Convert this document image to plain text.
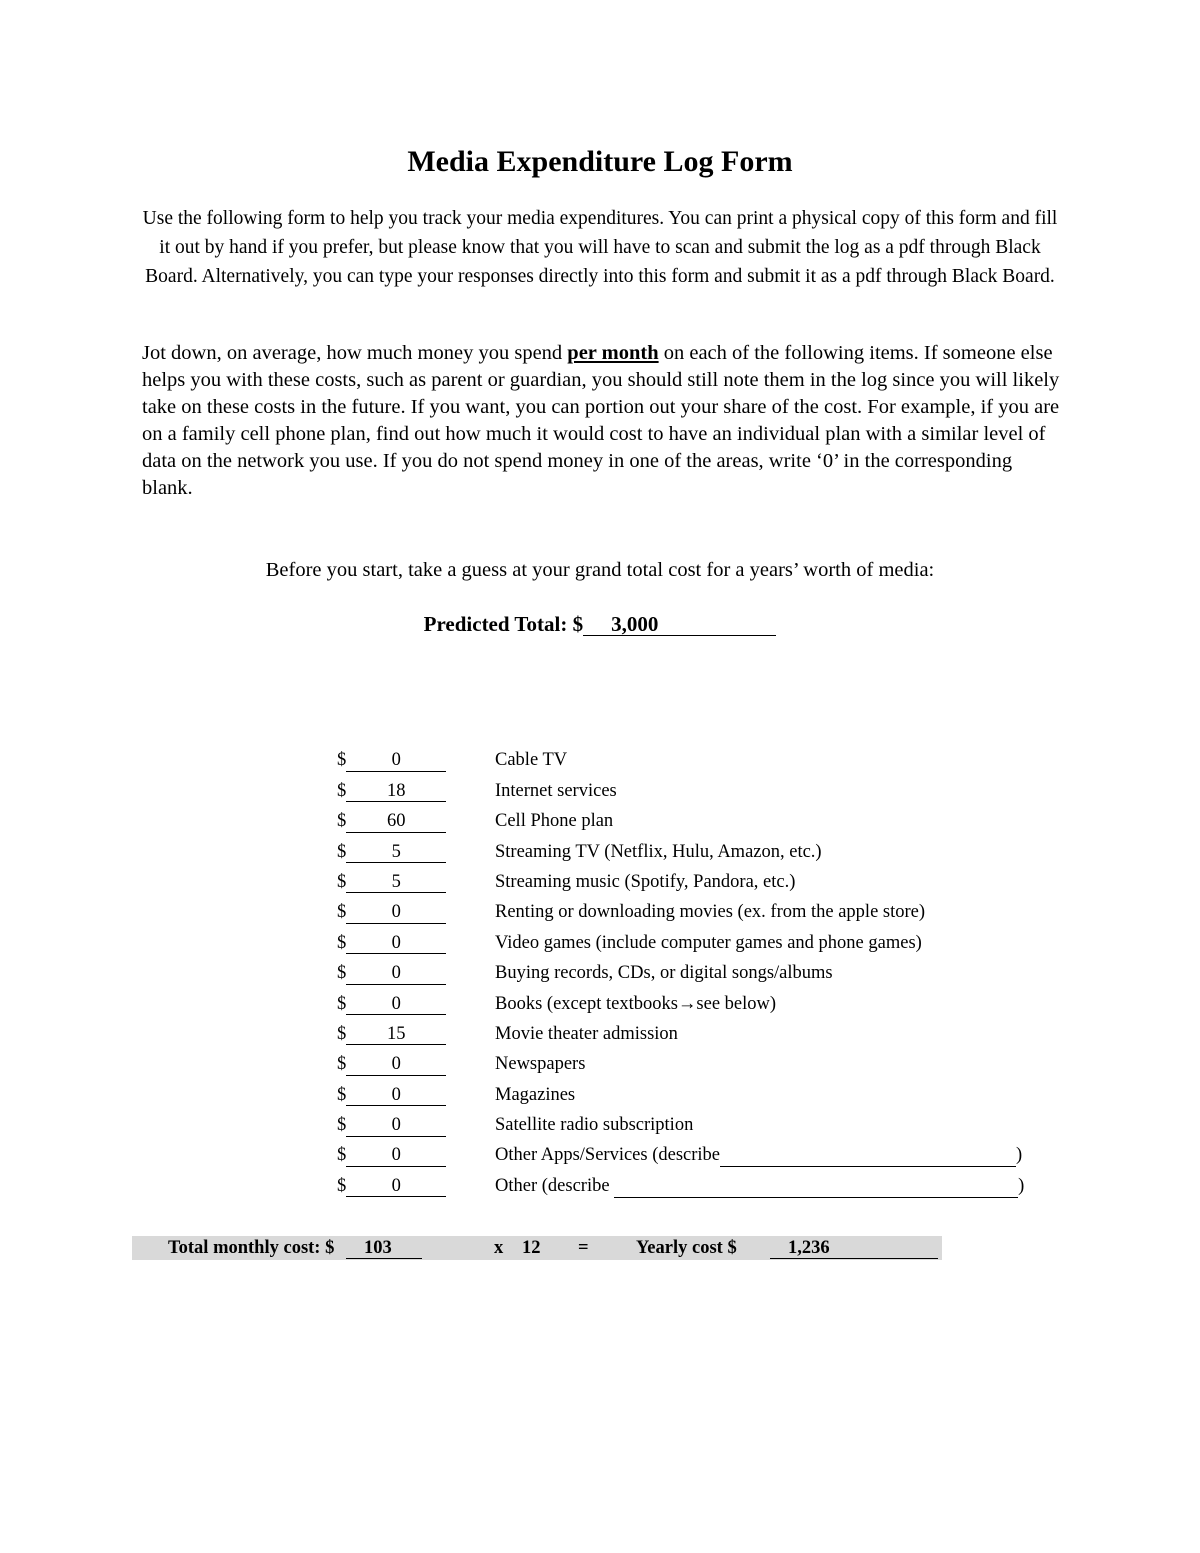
Media Expenditure Log Form
Use the following form to help you track your media expenditures. You can print a physical copy of this form and fill it out by hand if you prefer, but please know that you will have to scan and submit the log as a pdf through Black Board. Alternatively, you can type your responses directly into this form and submit it as a pdf through Black Board.
Jot down, on average, how much money you spend per month on each of the following items. If someone else helps you with these costs, such as parent or guardian, you should still note them in the log since you will likely take on these costs in the future. If you want, you can portion out your share of the cost. For example, if you are on a family cell phone plan, find out how much it would cost to have an individual plan with a similar level of data on the network you use. If you do not spend money in one of the areas, write ‘0’ in the corresponding blank.
Before you start, take a guess at your grand total cost for a years’ worth of media:
Predicted Total: $ 3,000
$ 0	Cable TV
$ 18	Internet services
$ 60	Cell Phone plan
$ 5	Streaming TV (Netflix, Hulu, Amazon, etc.)
$ 5	Streaming music (Spotify, Pandora, etc.)
$ 0	Renting or downloading movies (ex. from the apple store)
$ 0	Video games (include computer games and phone games)
$ 0	Buying records, CDs, or digital songs/albums
$ 0	Books (except textbooks→see below)
$ 15	Movie theater admission
$ 0	Newspapers
$ 0	Magazines
$ 0	Satellite radio subscription
$ 0	Other Apps/Services (describe	)
$ 0	Other (describe	)
Total monthly cost: $	103	x 12 =	Yearly cost $	1,236
